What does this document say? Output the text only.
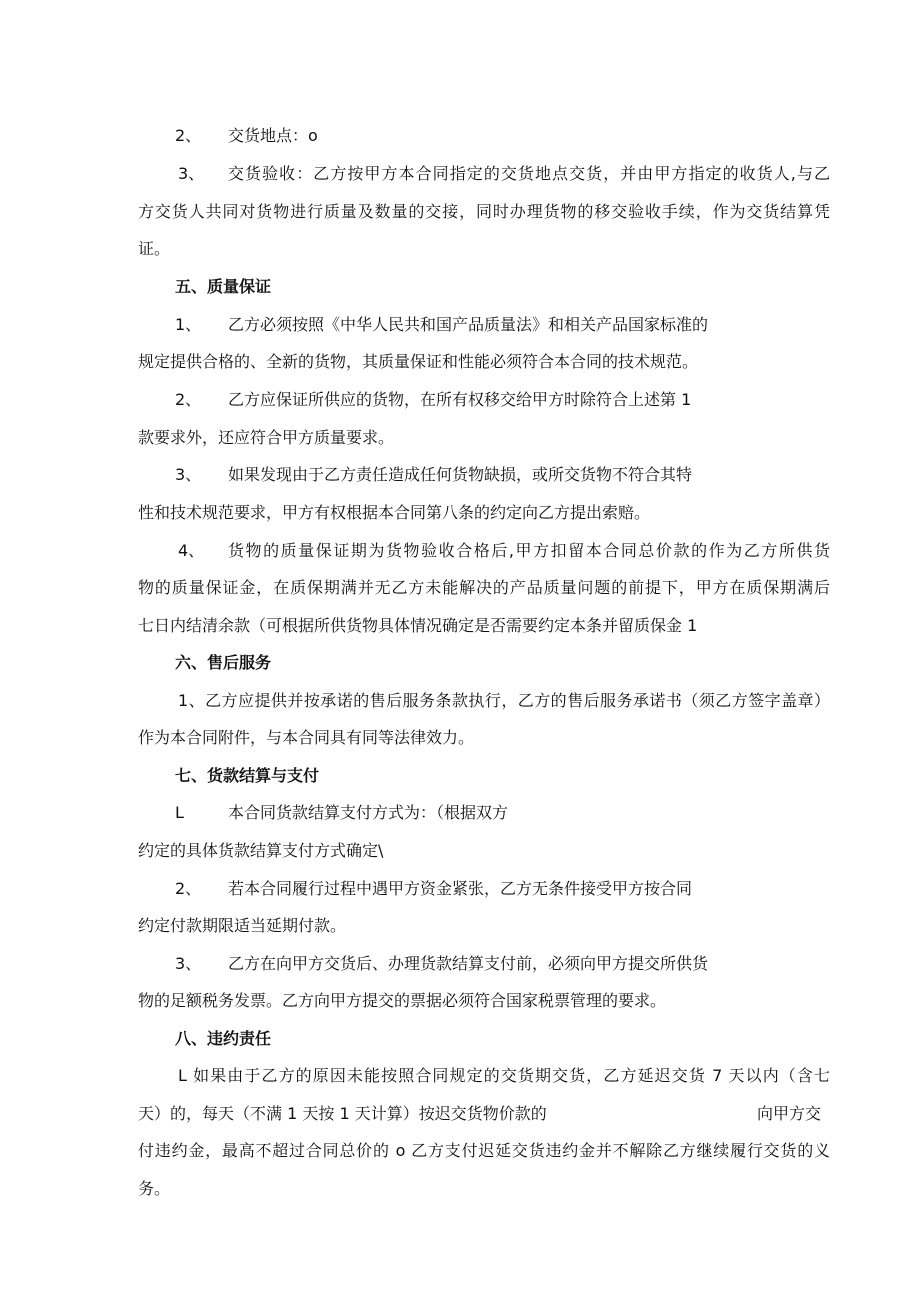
2、 交货地点：o
3、 交货验收：乙方按甲方本合同指定的交货地点交货，并由甲方指定的收货人,与乙
方交货人共同对货物进行质量及数量的交接，同时办理货物的移交验收手续，作为交货结算凭
证。
五、质量保证
1、 乙方必须按照《中华人民共和国产品质量法》和相关产品国家标准的
规定提供合格的、全新的货物，其质量保证和性能必须符合本合同的技术规范。
2、 乙方应保证所供应的货物，在所有权移交给甲方时除符合上述第 1
款要求外，还应符合甲方质量要求。
3、 如果发现由于乙方责任造成任何货物缺损，或所交货物不符合其特
性和技术规范要求，甲方有权根据本合同第八条的约定向乙方提出索赔。
4、 货物的质量保证期为货物验收合格后,甲方扣留本合同总价款的作为乙方所供货
物的质量保证金，在质保期满并无乙方未能解决的产品质量问题的前提下，甲方在质保期满后
七日内结清余款（可根据所供货物具体情况确定是否需要约定本条并留质保金 1
六、售后服务
1、乙方应提供并按承诺的售后服务条款执行，乙方的售后服务承诺书（须乙方签字盖章）
作为本合同附件，与本合同具有同等法律效力。
七、货款结算与支付
L	本合同货款结算支付方式为：（根据双方
约定的具体货款结算支付方式确定\
2、 若本合同履行过程中遇甲方资金紧张，乙方无条件接受甲方按合同
约定付款期限适当延期付款。
3、 乙方在向甲方交货后、办理货款结算支付前，必须向甲方提交所供货
物的足额税务发票。乙方向甲方提交的票据必须符合国家税票管理的要求。
八、违约责任
L 如果由于乙方的原因未能按照合同规定的交货期交货，乙方延迟交货 7 天以内（含七
天）的，每天（不满 1 天按 1 天计算）按迟交货物价款的	向甲方交
付违约金，最高不超过合同总价的 o 乙方支付迟延交货违约金并不解除乙方继续履行交货的义
务。
